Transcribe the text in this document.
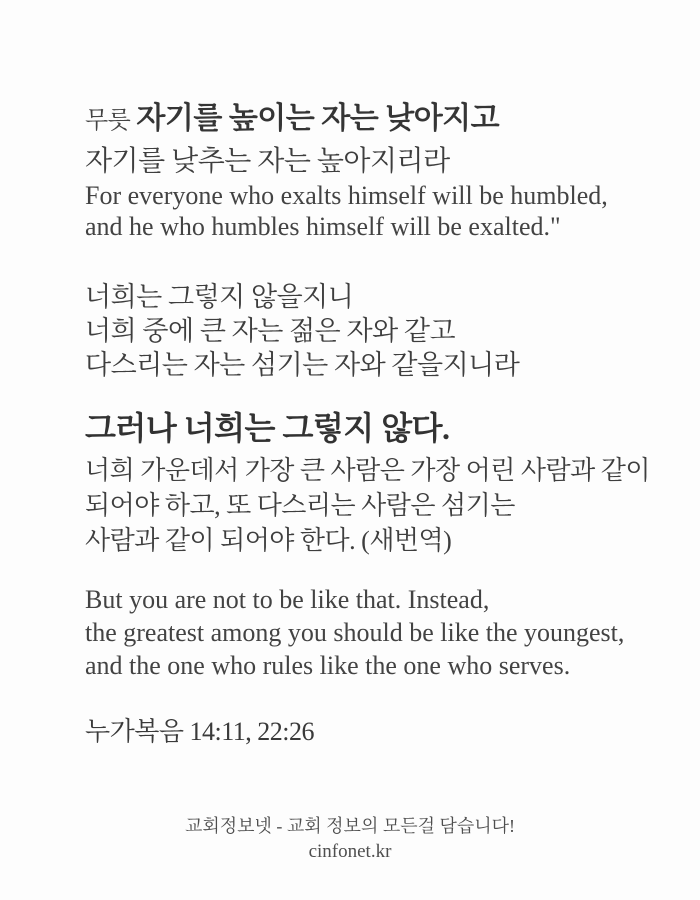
무릇 자기를 높이는 자는 낮아지고
자기를 낮추는 자는 높아지리라
For everyone who exalts himself will be humbled,
and he who humbles himself will be exalted."
너희는 그렇지 않을지니
너희 중에 큰 자는 젊은 자와 같고
다스리는 자는 섬기는 자와 같을지니라
그러나 너희는 그렇지 않다.
너희 가운데서 가장 큰 사람은 가장 어린 사람과 같이
되어야 하고, 또 다스리는 사람은 섬기는
사람과 같이 되어야 한다. (새번역)
But you are not to be like that. Instead,
the greatest among you should be like the youngest,
and the one who rules like the one who serves.
누가복음 14:11, 22:26
교회정보넷 - 교회 정보의 모든걸 담습니다!
cinfonet.kr
